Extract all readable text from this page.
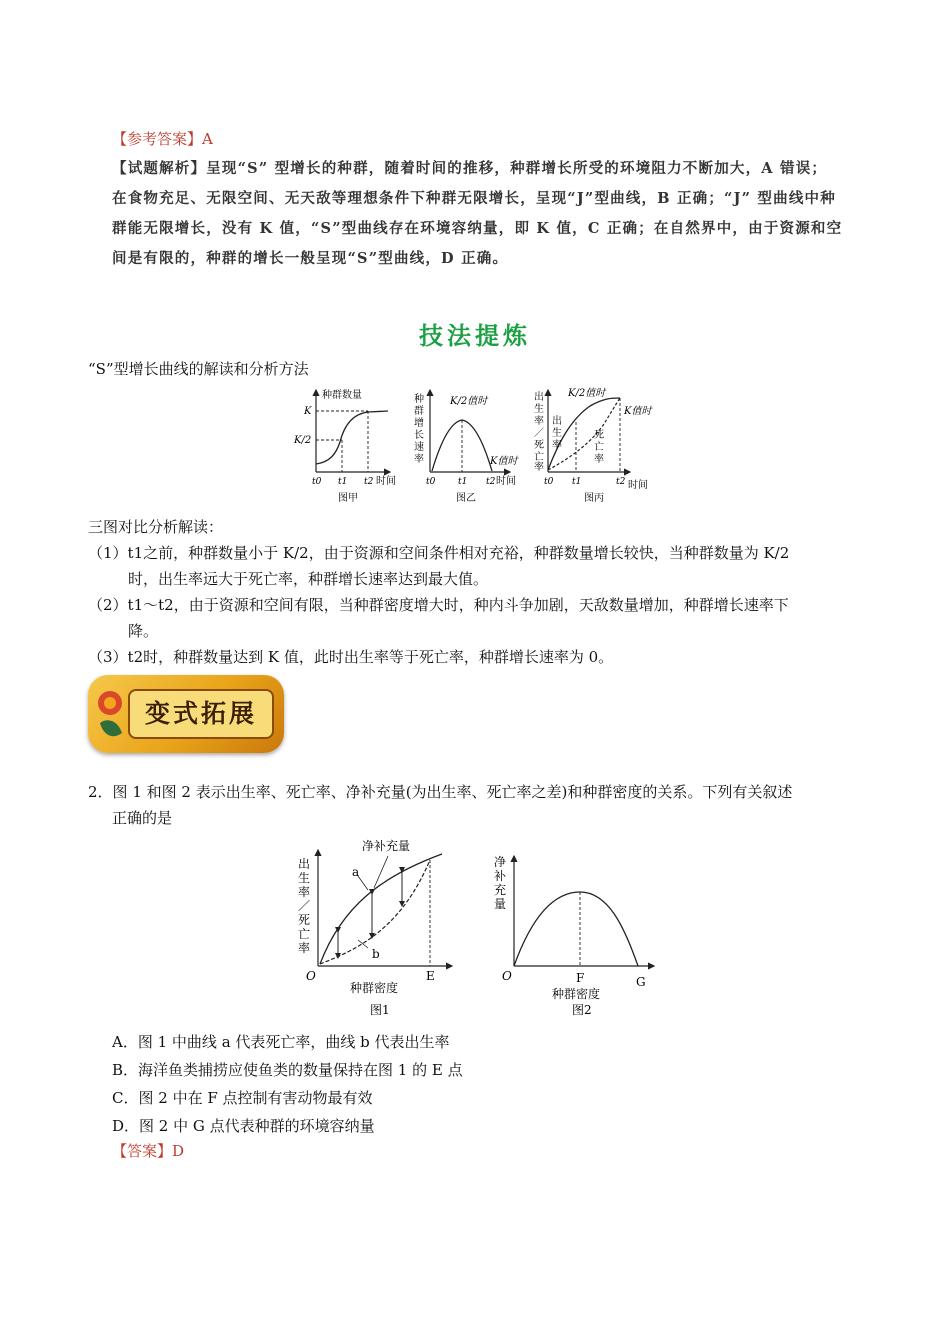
【参考答案】A
【试题解析】呈现“S” 型增长的种群，随着时间的推移，种群增长所受的环境阻力不断加大，A 错误；
在食物充足、无限空间、无天敌等理想条件下种群无限增长，呈现“J”型曲线，B 正确；“J” 型曲线中种
群能无限增长，没有 K 值，“S”型曲线存在环境容纳量，即 K 值，C 正确；在自然界中，由于资源和空
间是有限的，种群的增长一般呈现“S”型曲线，D 正确。
技法提炼
“S”型增长曲线的解读和分析方法
种群数量
K
K/2
t0 t1 t2 时间
图甲
种
群
增
长
速
率
K/2值时
K值时
t0	t1 t2 时间
图乙
出
生
率
／
死
亡
率
出
生
率
死
亡
率
K/2值时
K值时
t0 t1	t2 时间
图丙
三图对比分析解读：
（1）t1之前，种群数量小于 K/2，由于资源和空间条件相对充裕，种群数量增长较快，当种群数量为 K/2
时，出生率远大于死亡率，种群增长速率达到最大值。
（2）t1～t2，由于资源和空间有限，当种群密度增大时，种内斗争加剧，天敌数量增加，种群增长速率下
降。
（3）t2时，种群数量达到 K 值，此时出生率等于死亡率，种群增长速率为 0。
变式拓展
2．图 1 和图 2 表示出生率、死亡率、净补充量(为出生率、死亡率之差)和种群密度的关系。下列有关叙述
正确的是
净补充量
a
b
出
生
率
／
死
亡
率
O	E
种群密度
图1
净
补
充
量
O	F	G
种群密度
图2
A．图 1 中曲线 a 代表死亡率，曲线 b 代表出生率
B．海洋鱼类捕捞应使鱼类的数量保持在图 1 的 E 点
C．图 2 中在 F 点控制有害动物最有效
D．图 2 中 G 点代表种群的环境容纳量
【答案】D
